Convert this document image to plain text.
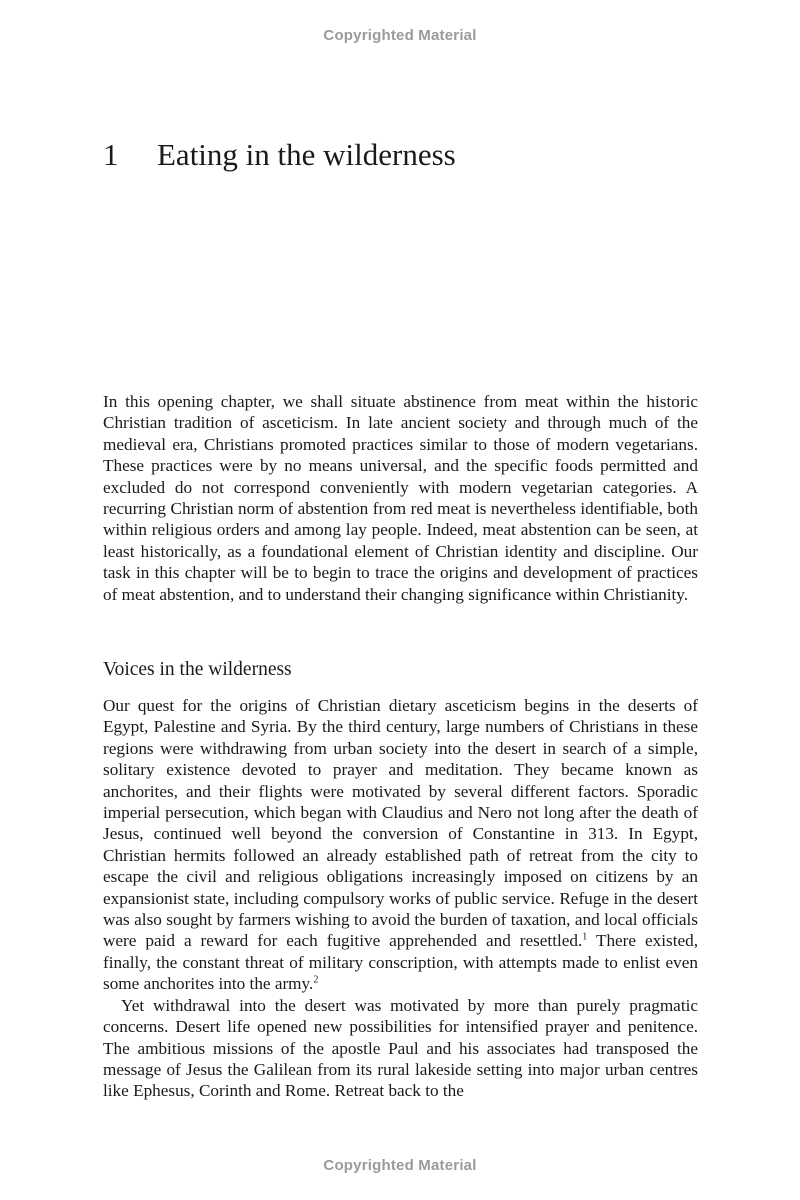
Copyrighted Material
1 Eating in the wilderness

In this opening chapter, we shall situate abstinence from meat within the historic Christian tradition of asceticism. In late ancient society and through much of the medieval era, Christians promoted practices similar to those of modern vegetarians. These practices were by no means universal, and the specific foods permitted and excluded do not correspond conveniently with modern vegetarian categories. A recurring Christian norm of abstention from red meat is nevertheless identifiable, both within religious orders and among lay people. Indeed, meat abstention can be seen, at least historically, as a foundational element of Christian identity and discipline. Our task in this chapter will be to begin to trace the origins and development of practices of meat abstention, and to understand their changing significance within Christianity.

Voices in the wilderness

Our quest for the origins of Christian dietary asceticism begins in the deserts of Egypt, Palestine and Syria. By the third century, large numbers of Christians in these regions were withdrawing from urban society into the desert in search of a simple, solitary existence devoted to prayer and meditation. They became known as anchorites, and their flights were motivated by several different factors. Sporadic imperial persecution, which began with Claudius and Nero not long after the death of Jesus, continued well beyond the conversion of Constantine in 313. In Egypt, Christian hermits followed an already established path of retreat from the city to escape the civil and religious obligations increasingly imposed on citizens by an expansionist state, including compulsory works of public service. Refuge in the desert was also sought by farmers wishing to avoid the burden of taxation, and local officials were paid a reward for each fugitive apprehended and resettled.$^1$ There existed, finally, the constant threat of military conscription, with attempts made to enlist even some anchorites into the army.$^2$

Yet withdrawal into the desert was motivated by more than purely pragmatic concerns. Desert life opened new possibilities for intensified prayer and penitence. The ambitious missions of the apostle Paul and his associates had transposed the message of Jesus the Galilean from its rural lakeside setting into major urban centres like Ephesus, Corinth and Rome. Retreat back to the

Copyrighted Material
